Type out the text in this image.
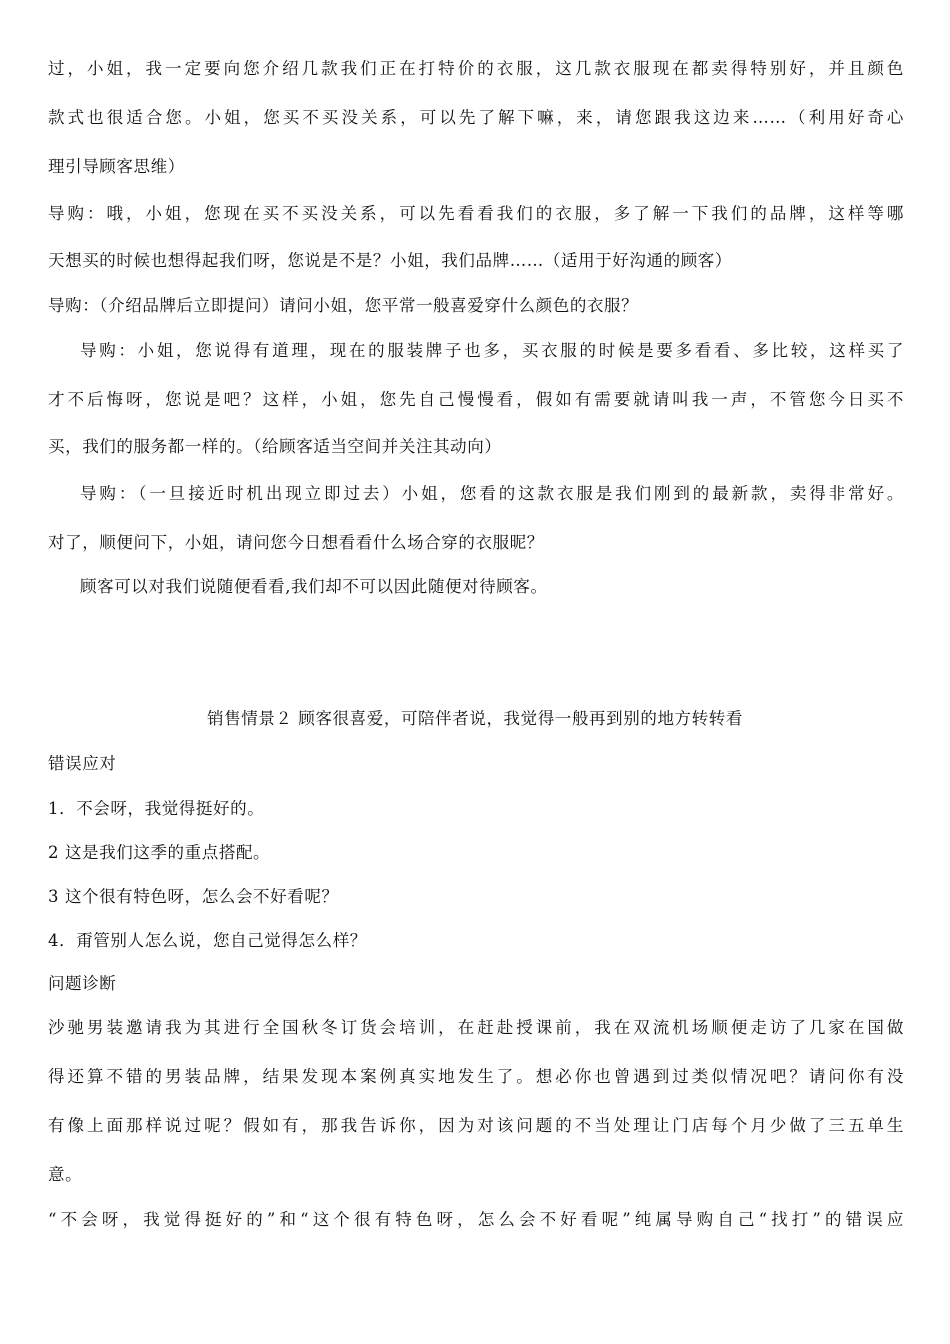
过，小姐，我一定要向您介绍几款我们正在打特价的衣服，这几款衣服现在都卖得特别好，并且颜色
款式也很适合您。小姐，您买不买没关系，可以先了解下嘛，来，请您跟我这边来……（利用好奇心
理引导顾客思维）
导购：哦，小姐，您现在买不买没关系，可以先看看我们的衣服，多了解一下我们的品牌，这样等哪
天想买的时候也想得起我们呀，您说是不是？小姐，我们品牌……（适用于好沟通的顾客）
导购：（介绍品牌后立即提问）请问小姐，您平常一般喜爱穿什么颜色的衣服？
导购：小姐，您说得有道理，现在的服装牌子也多，买衣服的时候是要多看看、多比较，这样买了
才不后悔呀，您说是吧？这样，小姐，您先自己慢慢看，假如有需要就请叫我一声，不管您今日买不
买，我们的服务都一样的。（给顾客适当空间并关注其动向）
导购：（一旦接近时机出现立即过去）小姐，您看的这款衣服是我们刚到的最新款，卖得非常好。
对了，顺便问下，小姐，请问您今日想看看什么场合穿的衣服昵？
顾客可以对我们说随便看看,我们却不可以因此随便对待顾客。
销售情景２ 顾客很喜爱，可陪伴者说，我觉得一般再到别的地方转转看
错误应对
1．不会呀，我觉得挺好的。
2 这是我们这季的重点搭配。
3 这个很有特色呀，怎么会不好看呢？
4．甭管别人怎么说，您自己觉得怎么样？
问题诊断
沙驰男装邀请我为其进行全国秋冬订货会培训，在赶赴授课前，我在双流机场顺便走访了几家在国做
得还算不错的男装品牌，结果发现本案例真实地发生了。想必你也曾遇到过类似情况吧？请问你有没
有像上面那样说过呢？假如有，那我告诉你，因为对该问题的不当处理让门店每个月少做了三五单生
意。
“不会呀，我觉得挺好的”和“这个很有特色呀，怎么会不好看呢”纯属导购自己“找打”的错误应
